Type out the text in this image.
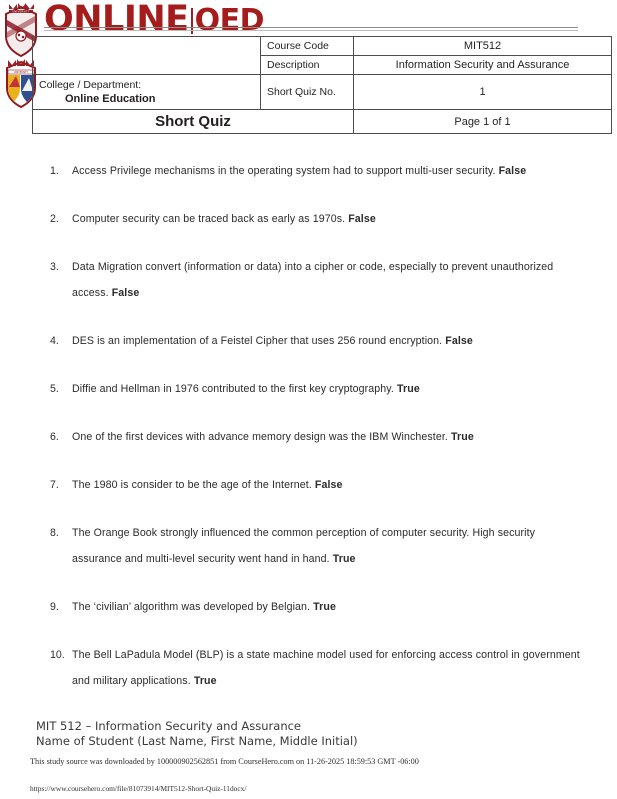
UNIVERSITY
UNIVERSITY
ONLINE OED
	Course Code	MIT512
	Description	Information Security and Assurance

College / Department:
Online Education	Short Quiz No.	1
Short Quiz		Page 1 of 1
1.	Access Privilege mechanisms in the operating system had to support multi-user security. False
2.	Computer security can be traced back as early as 1970s. False
3.	Data Migration convert (information or data) into a cipher or code, especially to prevent unauthorized access. False
4.	DES is an implementation of a Feistel Cipher that uses 256 round encryption. False
5.	Diffie and Hellman in 1976 contributed to the first key cryptography. True
6.	One of the first devices with advance memory design was the IBM Winchester. True
7.	The 1980 is consider to be the age of the Internet. False
8.	The Orange Book strongly influenced the common perception of computer security. High security assurance and multi-level security went hand in hand. True
9.	The ‘civilian’ algorithm was developed by Belgian. True
10. The Bell LaPadula Model (BLP) is a state machine model used for enforcing access control in government and military applications. True
MIT 512 – Information Security and Assurance
Name of Student (Last Name, First Name, Middle Initial)
This study source was downloaded by 100000902562851 from CourseHero.com on 11-26-2025 18:59:53 GMT -06:00
https://www.coursehero.com/file/81073914/MIT512-Short-Quiz-11docx/
